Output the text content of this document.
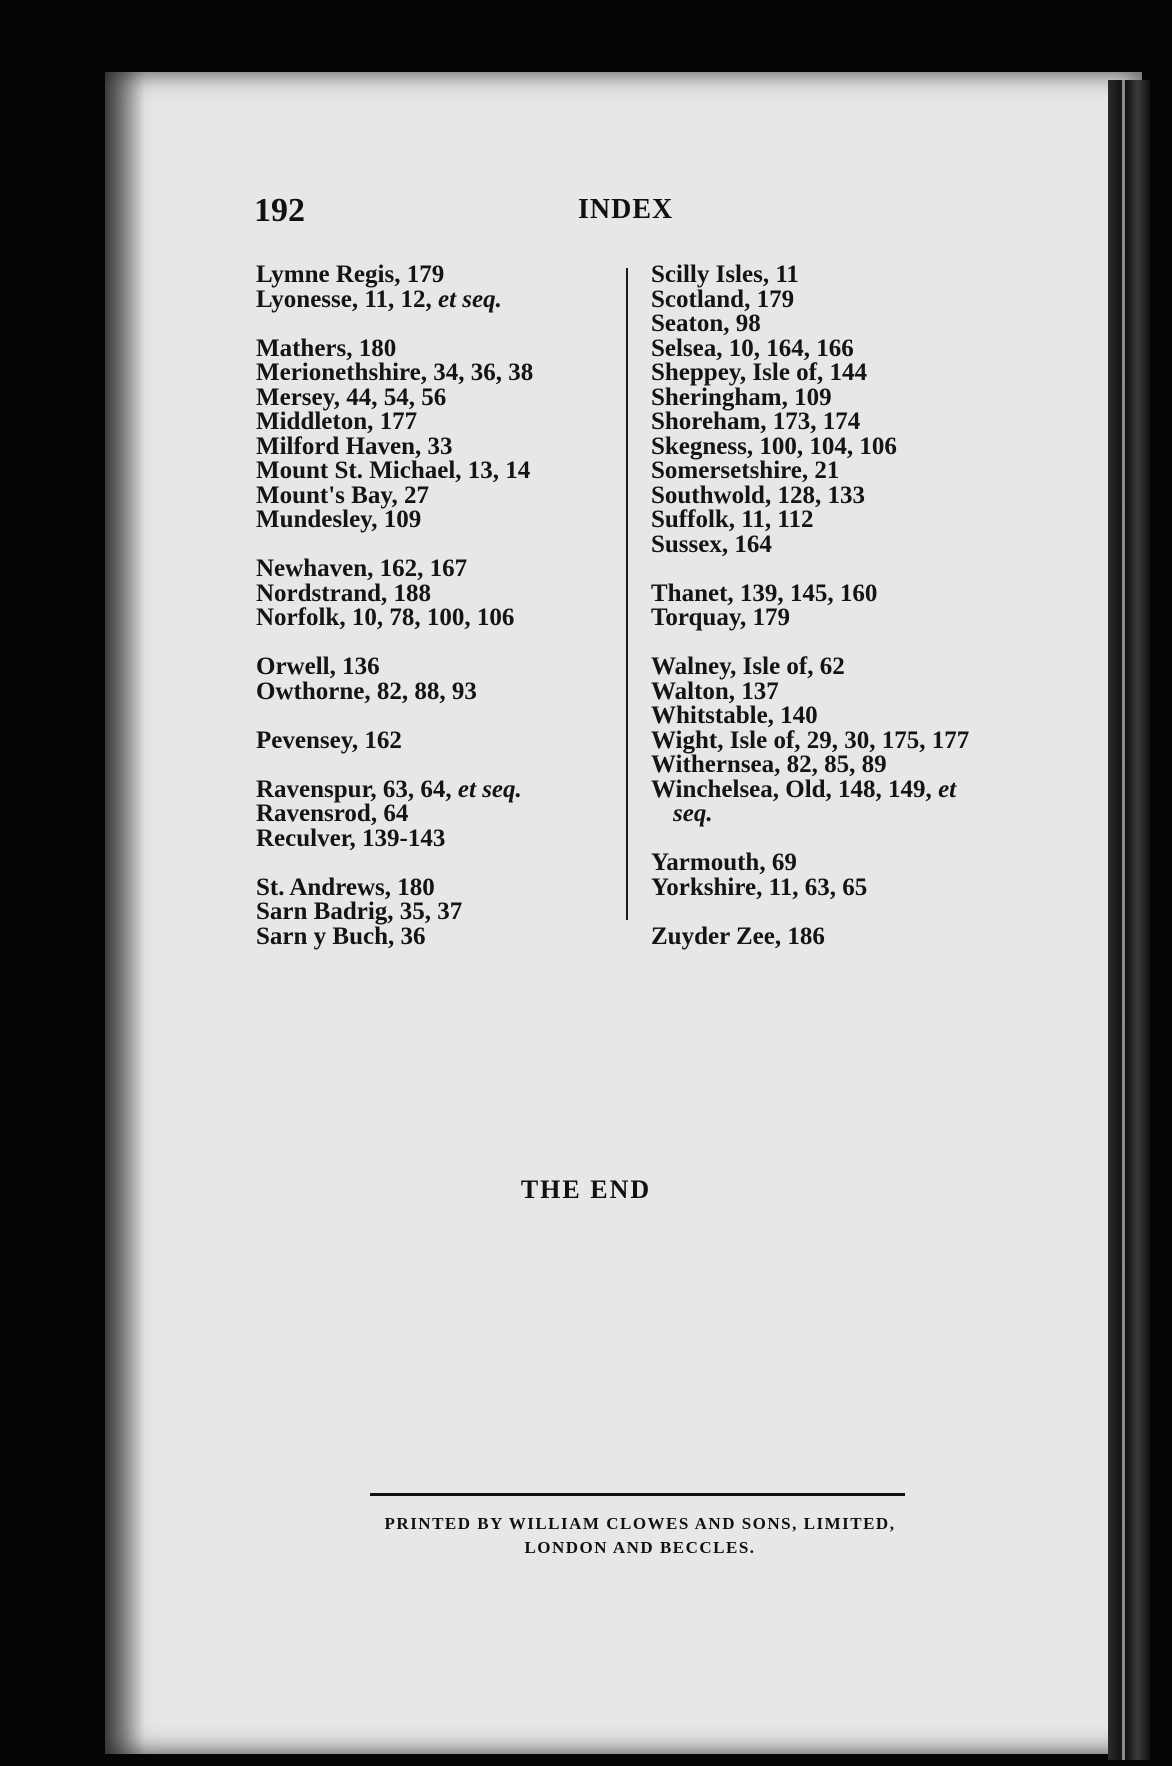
192	INDEX
Lymne Regis, 179
Lyonesse, 11, 12, et seq.
Mathers, 180
Merionethshire, 34, 36, 38
Mersey, 44, 54, 56
Middleton, 177
Milford Haven, 33
Mount St. Michael, 13, 14
Mount's Bay, 27
Mundesley, 109
Newhaven, 162, 167
Nordstrand, 188
Norfolk, 10, 78, 100, 106
Orwell, 136
Owthorne, 82, 88, 93
Pevensey, 162
Ravenspur, 63, 64, et seq.
Ravensrod, 64
Reculver, 139-143
St. Andrews, 180
Sarn Badrig, 35, 37
Sarn y Buch, 36
Scilly Isles, 11
Scotland, 179
Seaton, 98
Selsea, 10, 164, 166
Sheppey, Isle of, 144
Sheringham, 109
Shoreham, 173, 174
Skegness, 100, 104, 106
Somersetshire, 21
Southwold, 128, 133
Suffolk, 11, 112
Sussex, 164
Thanet, 139, 145, 160
Torquay, 179
Walney, Isle of, 62
Walton, 137
Whitstable, 140
Wight, Isle of, 29, 30, 175, 177
Withernsea, 82, 85, 89
Winchelsea, Old, 148, 149, et
seq.
Yarmouth, 69
Yorkshire, 11, 63, 65
Zuyder Zee, 186
THE END
PRINTED BY WILLIAM CLOWES AND SONS, LIMITED,
LONDON AND BECCLES.
